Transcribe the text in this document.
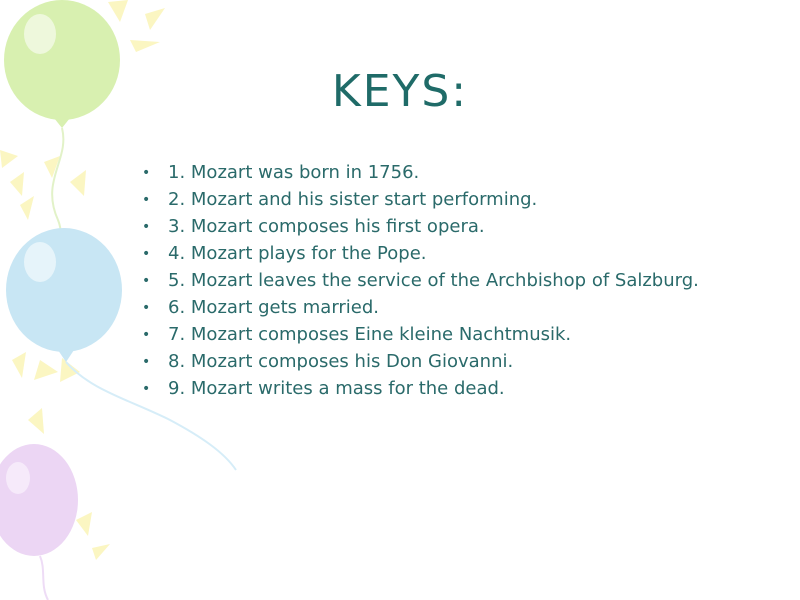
KEYS:
• 1. Mozart was born in 1756.
• 2. Mozart and his sister start performing.
• 3. Mozart composes his first opera.
• 4. Mozart plays for the Pope.
• 5. Mozart leaves the service of the Archbishop of Salzburg.
• 6. Mozart gets married.
• 7. Mozart composes Eine kleine Nachtmusik.
• 8. Mozart composes his Don Giovanni.
• 9. Mozart writes a mass for the dead.
